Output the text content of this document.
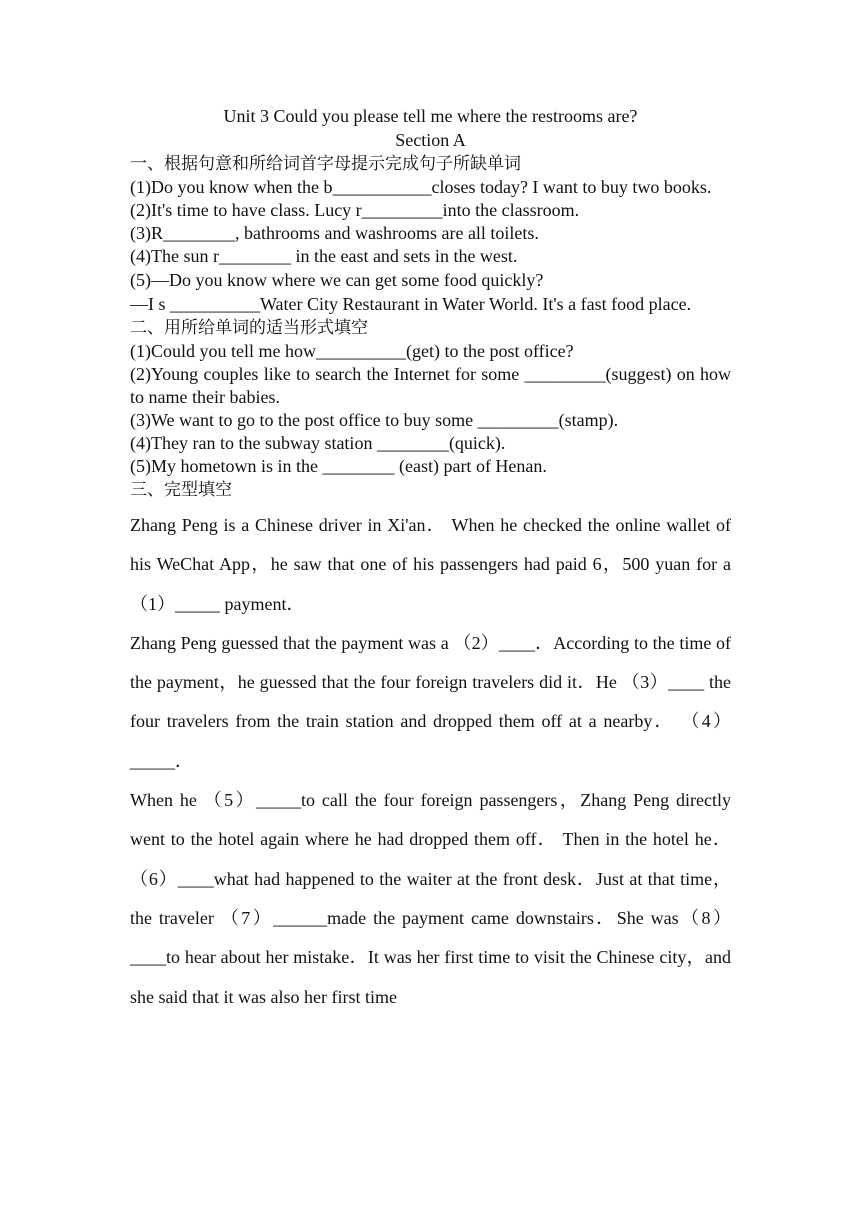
Unit 3 Could you please tell me where the restrooms are?
Section A
一、根据句意和所给词首字母提示完成句子所缺单词
(1)Do you know when the b___________closes today? I want to buy two books.
(2)It's time to have class. Lucy r_________into the classroom.
(3)R________, bathrooms and washrooms are all toilets.
(4)The sun r________ in the east and sets in the west.
(5)—Do you know where we can get some food quickly?
—I s __________Water City Restaurant in Water World. It's a fast food place.
二、用所给单词的适当形式填空
(1)Could you tell me how__________(get) to the post office?
(2)Young couples like to search the Internet for some _________(suggest) on how to name their babies.
(3)We want to go to the post office to buy some _________(stamp).
(4)They ran to the subway station ________(quick).
(5)My hometown is in the ________ (east) part of Henan.
三、完型填空

Zhang Peng is a Chinese driver in Xi'an． When he checked the online wallet of his WeChat App，he saw that one of his passengers had paid 6，500 yuan for a （1）_____ payment．

Zhang Peng guessed that the payment was a （2）____．According to the time of the payment，he guessed that the four foreign travelers did it．He （3）____ the four travelers from the train station and dropped them off at a nearby． （4）_____．

When he （5）_____to call the four foreign passengers，Zhang Peng directly went to the hotel again where he had dropped them off． Then in the hotel he．（6）____what had happened to the waiter at the front desk．Just at that time， the traveler （7）______made the payment came downstairs．She was（8）____to hear about her mistake．It was her first time to visit the Chinese city，and she said that it was also her first time
